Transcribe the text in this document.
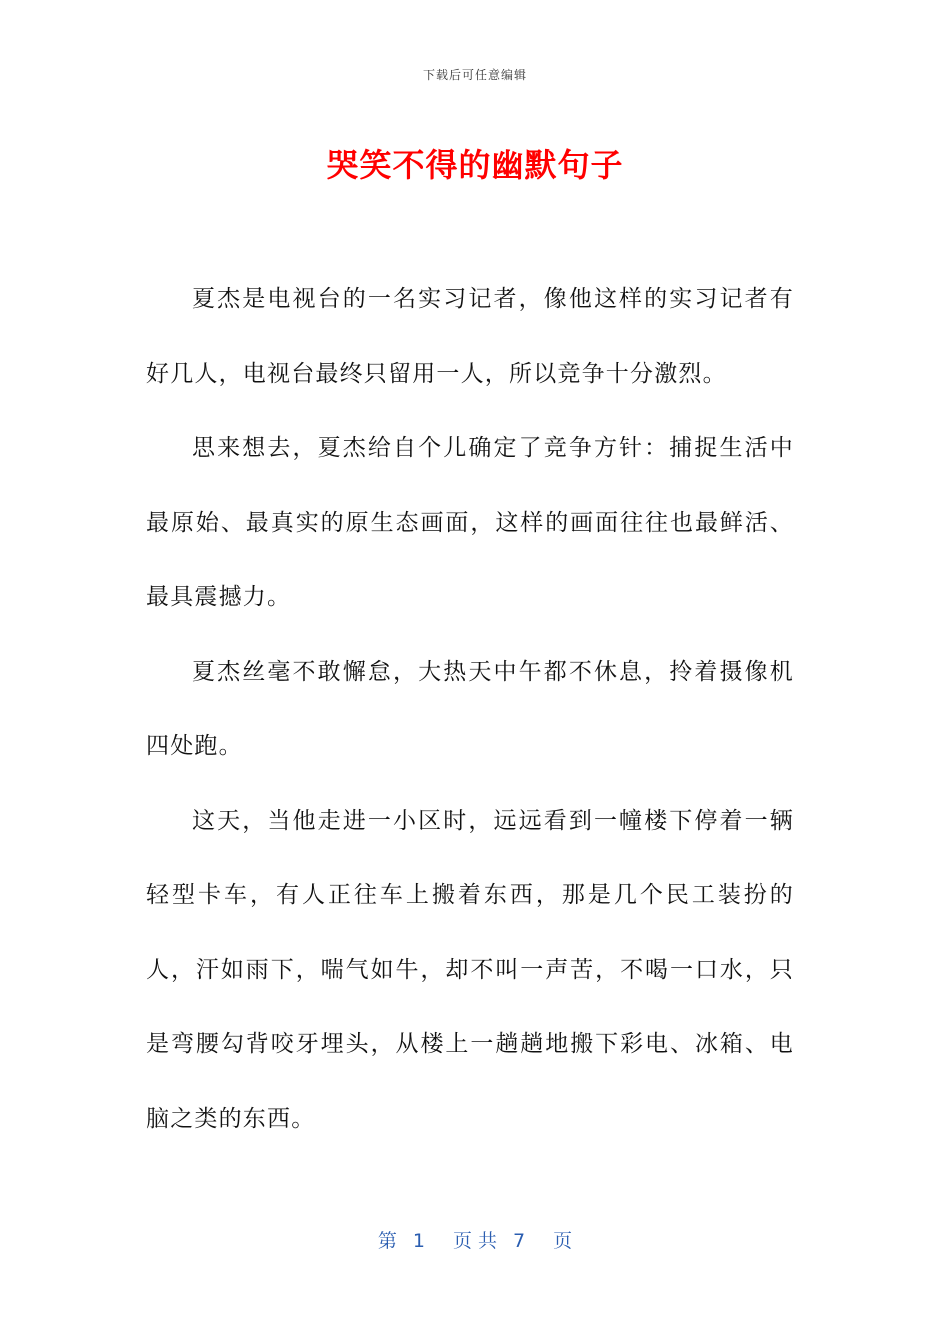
下载后可任意编辑
哭笑不得的幽默句子

夏杰是电视台的一名实习记者，像他这样的实习记者有好几人，电视台最终只留用一人，所以竞争十分激烈。

思来想去，夏杰给自个儿确定了竞争方针：捕捉生活中最原始、最真实的原生态画面，这样的画面往往也最鲜活、最具震撼力。

夏杰丝毫不敢懈怠，大热天中午都不休息，拎着摄像机四处跑。

这天，当他走进一小区时，远远看到一幢楼下停着一辆轻型卡车，有人正往车上搬着东西，那是几个民工装扮的人，汗如雨下，喘气如牛，却不叫一声苦，不喝一口水，只是弯腰勾背咬牙埋头，从楼上一趟趟地搬下彩电、冰箱、电脑之类的东西。

第 1 页 共 7 页
